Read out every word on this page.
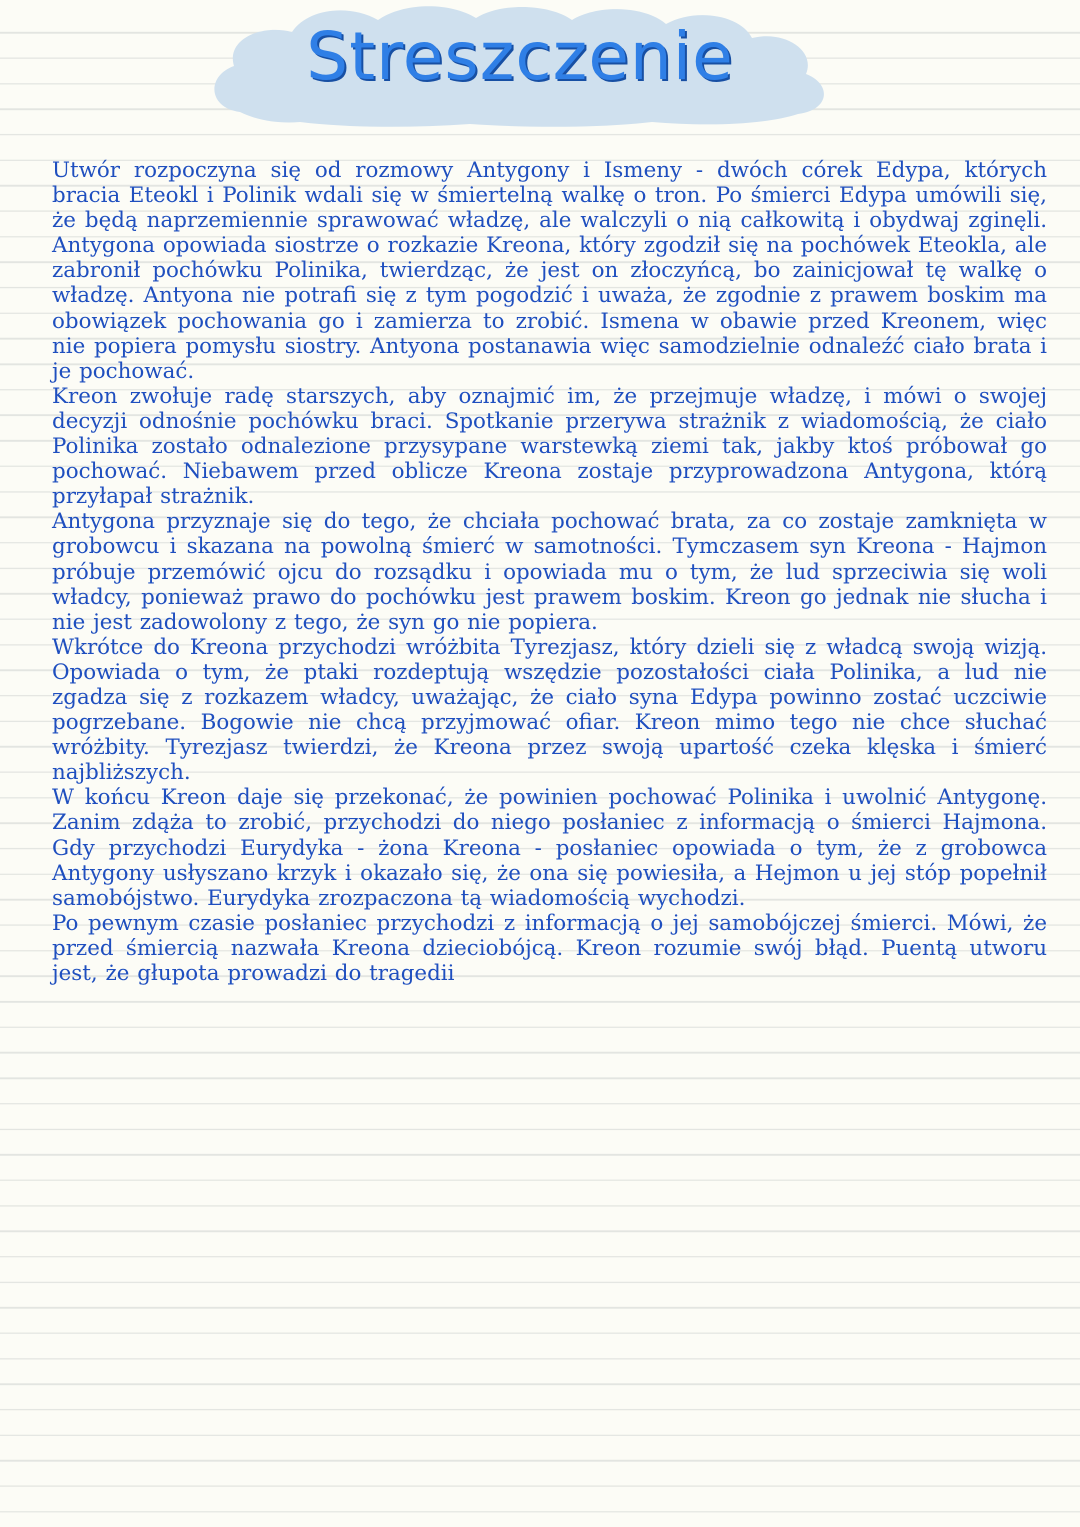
Streszczenie

Utwór rozpoczyna się od rozmowy Antygony i Ismeny - dwóch córek Edypa, których bracia Eteokl i Polinik wdali się w śmiertelną walkę o tron. Po śmierci Edypa umówili się, że będą naprzemiennie sprawować władzę, ale walczyli o nią całkowitą i obydwaj zginęli. Antygona opowiada siostrze o rozkazie Kreona, który zgodził się na pochówek Eteokla, ale zabronił pochówku Polinika, twierdząc, że jest on złoczyńcą, bo zainicjował tę walkę o władzę. Antyona nie potrafi się z tym pogodzić i uważa, że zgodnie z prawem boskim ma obowiązek pochowania go i zamierza to zrobić. Ismena w obawie przed Kreonem, więc nie popiera pomysłu siostry. Antyona postanawia więc samodzielnie odnaleźć ciało brata i je pochować.

Kreon zwołuje radę starszych, aby oznajmić im, że przejmuje władzę, i mówi o swojej decyzji odnośnie pochówku braci. Spotkanie przerywa strażnik z wiadomością, że ciało Polinika zostało odnalezione przysypane warstewką ziemi tak, jakby ktoś próbował go pochować. Niebawem przed oblicze Kreona zostaje przyprowadzona Antygona, którą przyłapał strażnik.

Antygona przyznaje się do tego, że chciała pochować brata, za co zostaje zamknięta w grobowcu i skazana na powolną śmierć w samotności. Tymczasem syn Kreona - Hajmon próbuje przemówić ojcu do rozsądku i opowiada mu o tym, że lud sprzeciwia się woli władcy, ponieważ prawo do pochówku jest prawem boskim. Kreon go jednak nie słucha i nie jest zadowolony z tego, że syn go nie popiera.

Wkrótce do Kreona przychodzi wróżbita Tyrezjasz, który dzieli się z władcą swoją wizją. Opowiada o tym, że ptaki rozdeptują wszędzie pozostałości ciała Polinika, a lud nie zgadza się z rozkazem władcy, uważając, że ciało syna Edypa powinno zostać uczciwie pogrzebane. Bogowie nie chcą przyjmować ofiar. Kreon mimo tego nie chce słuchać wróżbity. Tyrezjasz twierdzi, że Kreona przez swoją upartość czeka klęska i śmierć najbliższych.

W końcu Kreon daje się przekonać, że powinien pochować Polinika i uwolnić Antygonę. Zanim zdąża to zrobić, przychodzi do niego posłaniec z informacją o śmierci Hajmona. Gdy przychodzi Eurydyka - żona Kreona - posłaniec opowiada o tym, że z grobowca Antygony usłyszano krzyk i okazało się, że ona się powiesiła, a Hejmon u jej stóp popełnił samobójstwo. Eurydyka zrozpaczona tą wiadomością wychodzi.

Po pewnym czasie posłaniec przychodzi z informacją o jej samobójczej śmierci. Mówi, że przed śmiercią nazwała Kreona dzieciobójcą. Kreon rozumie swój błąd. Puentą utworu jest, że głupota prowadzi do tragedii
